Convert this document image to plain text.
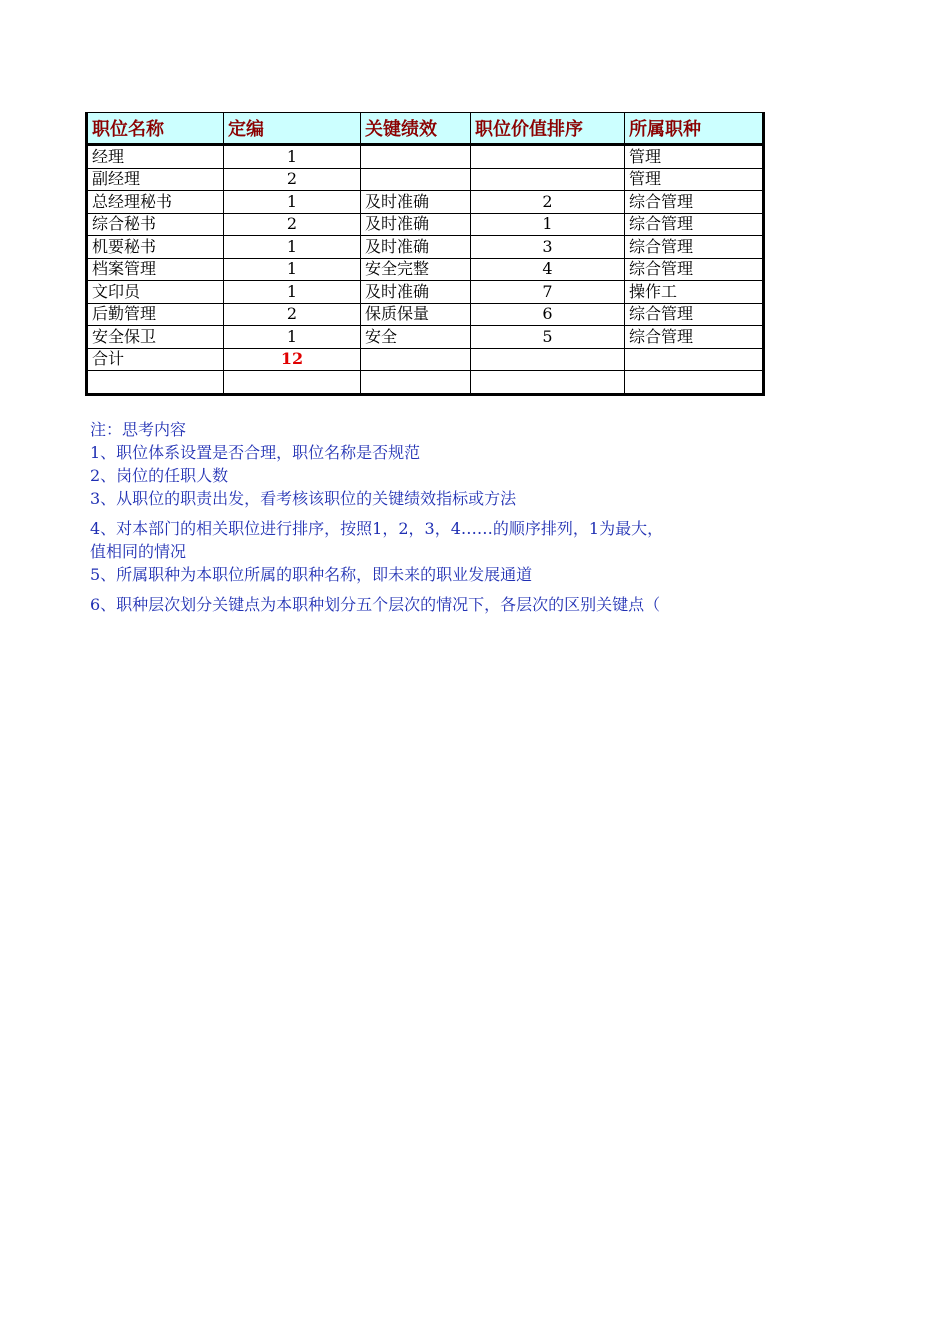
职位名称	定编	关键绩效	职位价值排序	所属职种
经理	1			管理
副经理	2			管理
总经理秘书	1	及时准确	2	综合管理
综合秘书	2	及时准确	1	综合管理
机要秘书	1	及时准确	3	综合管理
档案管理	1	安全完整	4	综合管理
文印员	1	及时准确	7	操作工
后勤管理	2	保质保量	6	综合管理
安全保卫	1	安全	5	综合管理
合计	12			

注：思考内容
1、职位体系设置是否合理，职位名称是否规范
2、岗位的任职人数
3、从职位的职责出发，看考核该职位的关键绩效指标或方法
4、对本部门的相关职位进行排序，按照1，2，3，4……的顺序排列，1为最大，
值相同的情况
5、所属职种为本职位所属的职种名称，即未来的职业发展通道
6、职种层次划分关键点为本职种划分五个层次的情况下，各层次的区别关键点（
